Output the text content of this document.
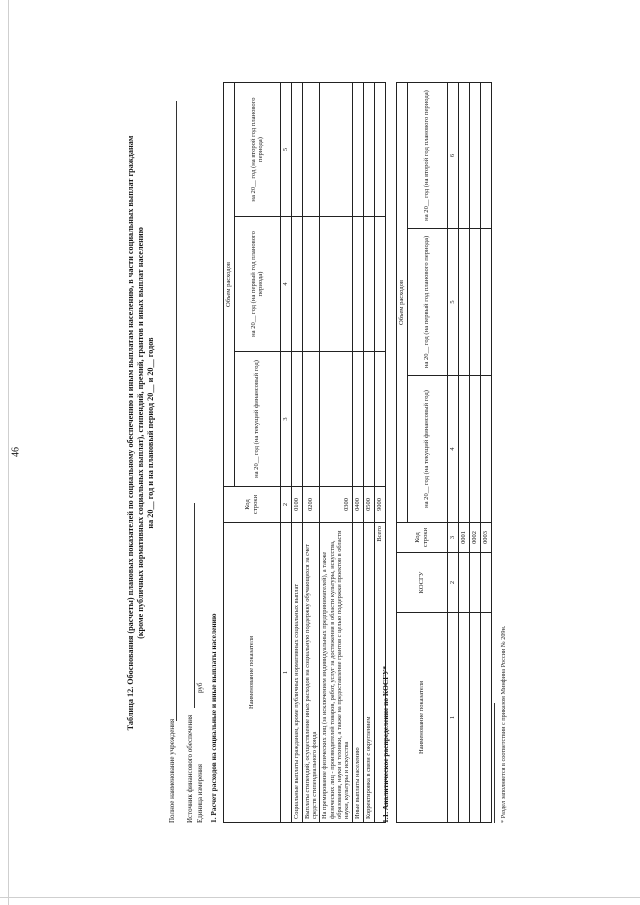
46	Таблица 12. Обоснования (расчеты) плановых показателей по социальному обеспечению и иным выплатам населению, в части социальных выплат гражданам (кроме публичных нормативных социальных выплат), стипендий, премий, грантов и иных выплат населению на 20__ год и на плановый период 20__ и 20__ годов
Полное наименование учреждения Источник финансового обеспечения Единица измерения
руб 1. Расчет расходов на социальные и иные выплаты населению	Наименование показателя	Код строки	Объем расходов		
		на 20__ год (на текущий финансовый год)	на 20__ год (на первый год планового периода)	на 20__ год (на второй год планового периода)
1	2	3	4	5
Социальные выплаты гражданам, кроме публичных нормативных социальных выплат	0100			
Выплаты стипендий, осуществление иных расходов на социальную поддержку обучающихся за счет средств стипендиального фонда	0200			
На премирование физических лиц (за исключением индивидуальных предпринимателей), а также физических лиц - производителей товаров, работ, услуг за достижения в области культуры, искусства, образования, науки и техники, а также на предоставление грантов с целью поддержки проектов в области науки, культуры и искусства	0300			
Иные выплаты населению	0400			
Корректировка в связи с округлением	0500			
Всего	9000			
1.1. Аналитическое распределение по КОСГУ*	Наименование показателя	КОСГУ	Код строки	Объем расходов		
			на 20__ год (на текущий финансовый год)	на 20__ год (на первый год планового периода)	на 20__ год (на второй год планового периода)
1	2	3	4	5	6
		0001			
		0002			
		0003			
* Раздел заполняется в соответствии с приказом Минфина России № 209н.
